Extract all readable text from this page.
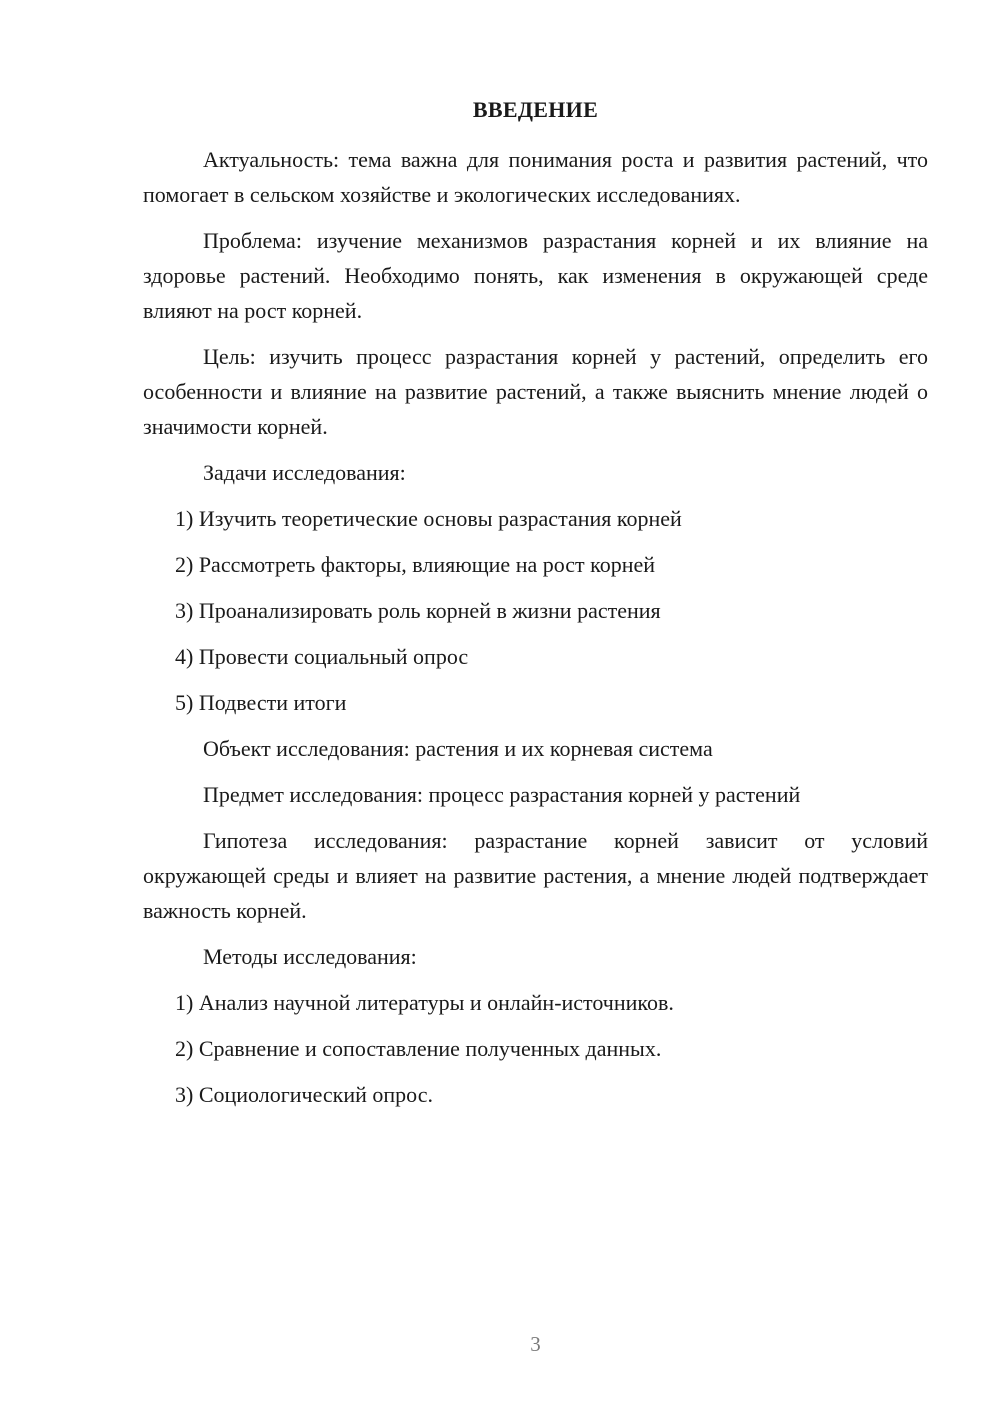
ВВЕДЕНИЕ

Актуальность: тема важна для понимания роста и развития растений, что помогает в сельском хозяйстве и экологических исследованиях.

Проблема: изучение механизмов разрастания корней и их влияние на здоровье растений. Необходимо понять, как изменения в окружающей среде влияют на рост корней.

Цель: изучить процесс разрастания корней у растений, определить его особенности и влияние на развитие растений, а также выяснить мнение людей о значимости корней.

Задачи исследования:
1) Изучить теоретические основы разрастания корней
2) Рассмотреть факторы, влияющие на рост корней
3) Проанализировать роль корней в жизни растения
4) Провести социальный опрос
5) Подвести итоги
Объект исследования: растения и их корневая система
Предмет исследования: процесс разрастания корней у растений

Гипотеза исследования: разрастание корней зависит от условий окружающей среды и влияет на развитие растения, а мнение людей подтверждает важность корней.

Методы исследования:
1) Анализ научной литературы и онлайн-источников.
2) Сравнение и сопоставление полученных данных.
3) Социологический опрос.
3
